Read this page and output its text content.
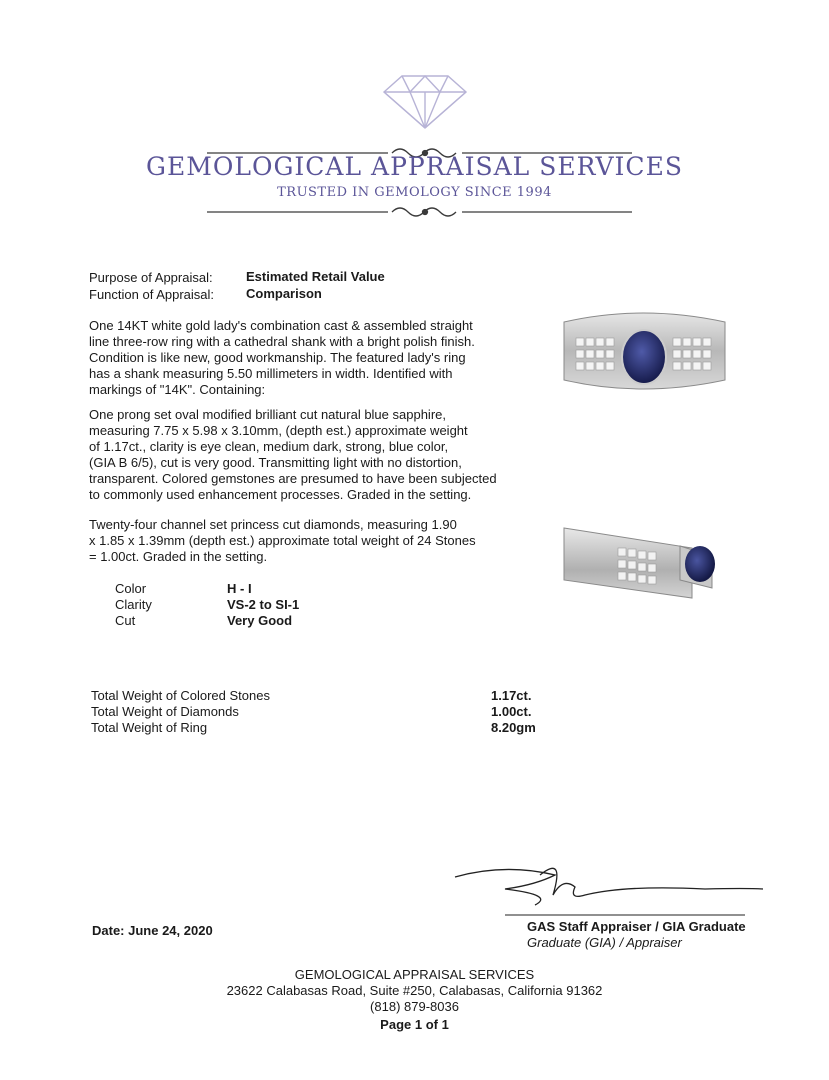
GEMOLOGICAL APPRAISAL SERVICES
TRUSTED IN GEMOLOGY SINCE 1994
Purpose of Appraisal:	Estimated Retail Value
Function of Appraisal: Comparison
One 14KT white gold lady's combination cast & assembled straight
line three-row ring with a cathedral shank with a bright polish finish.
Condition is like new, good workmanship. The featured lady's ring
has a shank measuring 5.50 millimeters in width. Identified with
markings of "14K". Containing:
One prong set oval modified brilliant cut natural blue sapphire,
measuring 7.75 x 5.98 x 3.10mm, (depth est.) approximate weight
of 1.17ct., clarity is eye clean, medium dark, strong, blue color,
(GIA B 6/5), cut is very good. Transmitting light with no distortion,
transparent. Colored gemstones are presumed to have been subjected
to commonly used enhancement processes. Graded in the setting.
Twenty-four channel set princess cut diamonds, measuring 1.90
x 1.85 x 1.39mm (depth est.) approximate total weight of 24 Stones
= 1.00ct. Graded in the setting.
Color	H - I
Clarity	VS-2 to SI-1
Cut	Very Good
Total Weight of Colored Stones	1.17ct.
Total Weight of Diamonds	1.00ct.
Total Weight of Ring	8.20gm
GAS Staff Appraiser / GIA Graduate
Graduate (GIA) / Appraiser
Date: June 24, 2020
GEMOLOGICAL APPRAISAL SERVICES
23622 Calabasas Road, Suite #250, Calabasas, California 91362
(818) 879-8036
Page 1 of 1
